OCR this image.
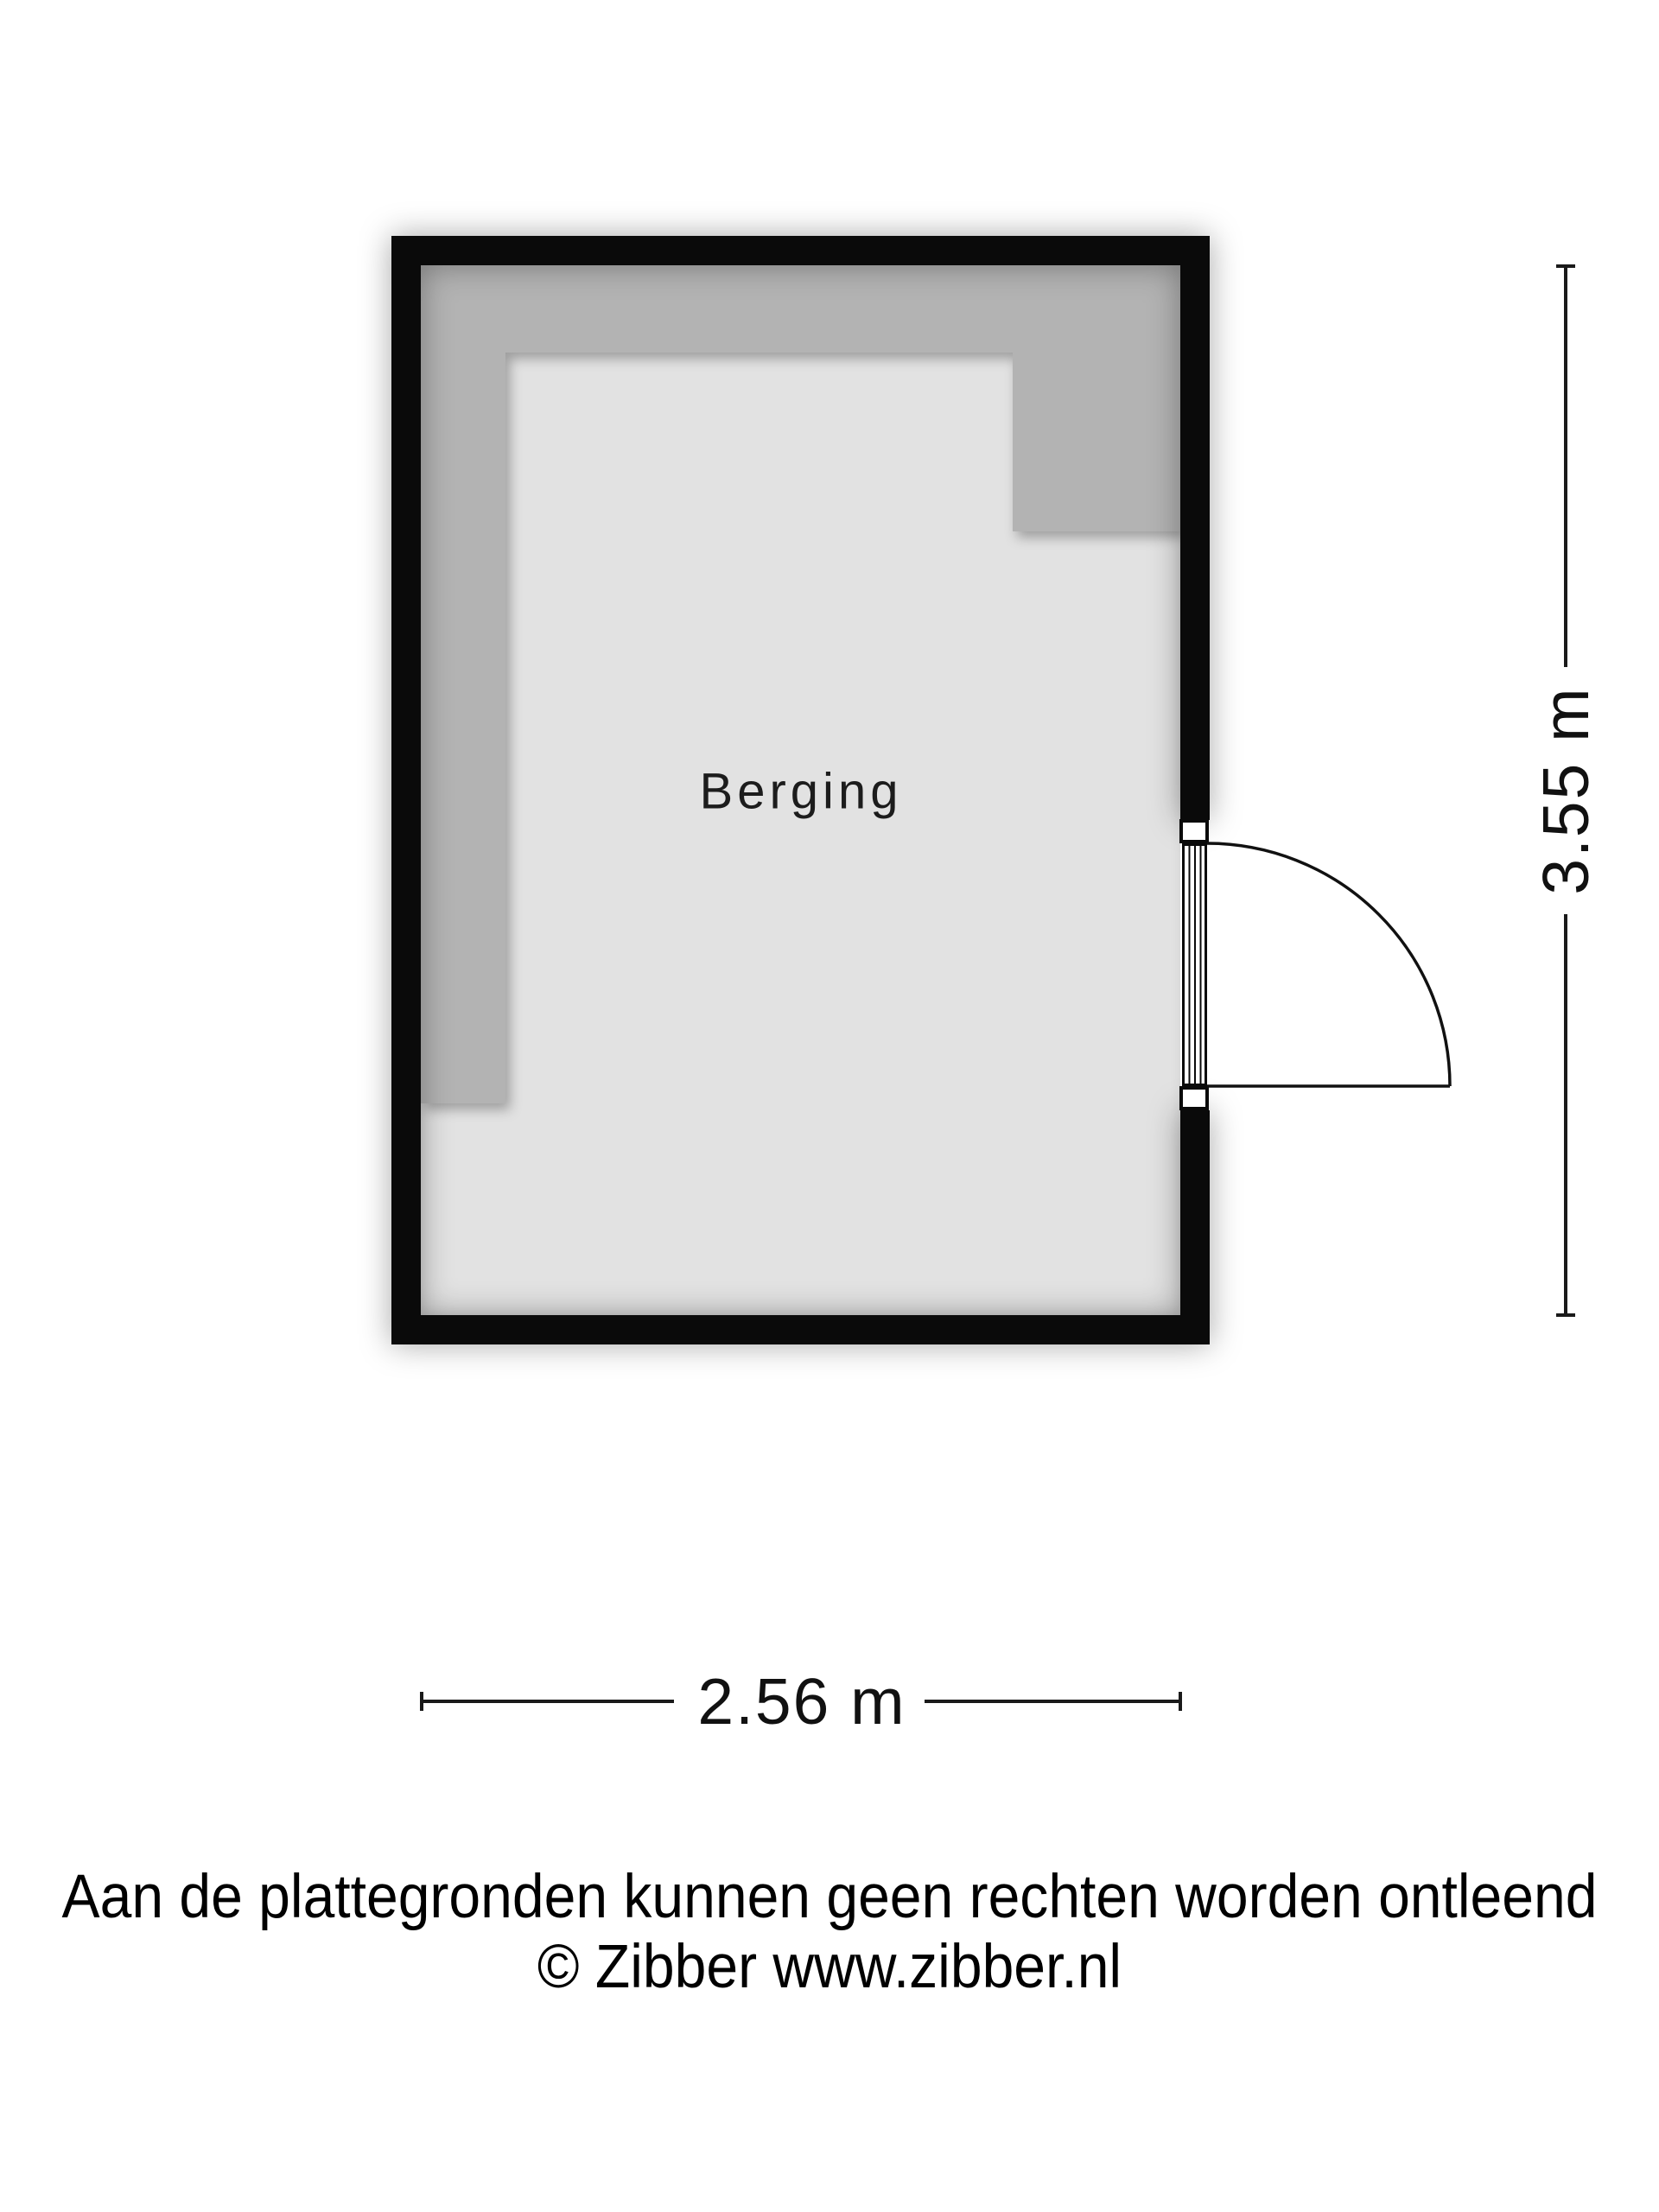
3.55 m
2.56 m
Berging
Aan de plattegronden kunnen geen rechten worden ontleend
© Zibber www.zibber.nl
